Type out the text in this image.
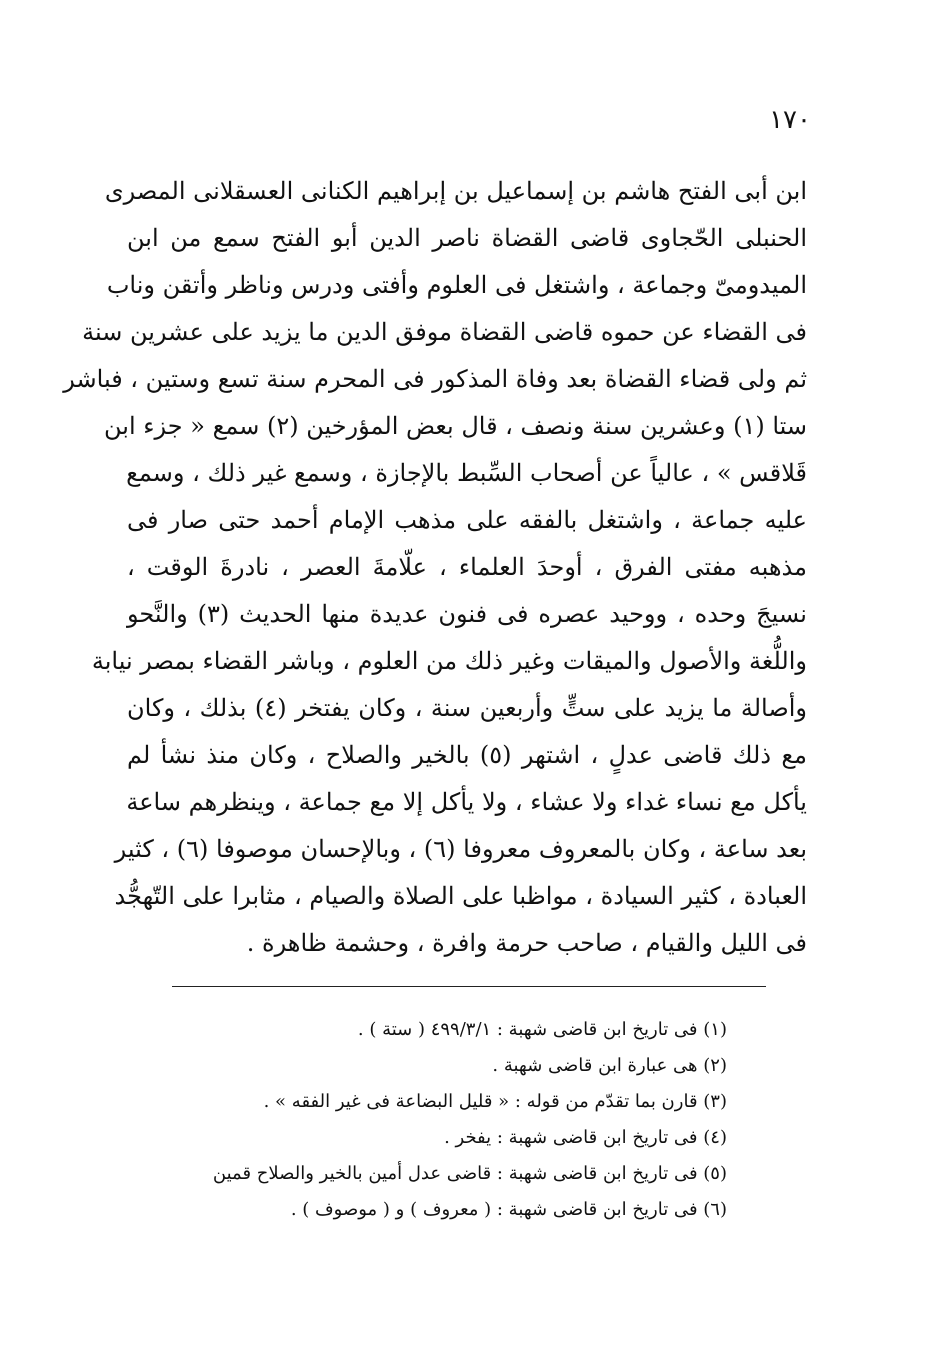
١٧٠
ابن أبى الفتح هاشم بن إسماعيل بن إبراهيم الكنانى العسقلانى المصرى
الحنبلى الحّجاوى قاضى القضاة ناصر الدين أبو الفتح سمع من ابن
الميدومىّ وجماعة ، واشتغل فى العلوم وأفتى ودرس وناظر وأتقن وناب
فى القضاء عن حموه قاضى القضاة موفق الدين ما يزيد على عشرين سنة
ثم ولى قضاء القضاة بعد وفاة المذكور فى المحرم سنة تسع وستين ، فباشر
ستا (١) وعشرين سنة ونصف ، قال بعض المؤرخين (٢) سمع « جزء ابن
قَلاقس » ، عالياً عن أصحاب السِّبط بالإجازة ، وسمع غير ذلك ، وسمع
عليه جماعة ، واشتغل بالفقه على مذهب الإمام أحمد حتى صار فى
مذهبه مفتى الفرق ، أوحدَ العلماء ، علّامةَ العصر ، نادرةَ الوقت ،
نسيجَ وحده ، ووحيد عصره فى فنون عديدة منها الحديث (٣) والنَّحو
واللُّغة والأصول والميقات وغير ذلك من العلوم ، وباشر القضاء بمصر نيابة
وأصالة ما يزيد على ستٍّ وأربعين سنة ، وكان يفتخر (٤) بذلك ، وكان
مع ذلك قاضى عدلٍ ، اشتهر (٥) بالخير والصلاح ، وكان منذ نشأ لم
يأكل مع نساء غداء ولا عشاء ، ولا يأكل إلا مع جماعة ، وينظرهم ساعة
بعد ساعة ، وكان بالمعروف معروفا (٦) ، وبالإحسان موصوفا (٦) ، كثير
العبادة ، كثير السيادة ، مواظبا على الصلاة والصيام ، مثابرا على التّهجُّد
فى الليل والقيام ، صاحب حرمة وافرة ، وحشمة ظاهرة .
(١) فى تاريخ ابن قاضى شهبة : ٤٩٩/٣/١ ( ستة ) .
(٢) هى عبارة ابن قاضى شهبة .
(٣) قارن بما تقدّم من قوله : « قليل البضاعة فى غير الفقه » .
(٤) فى تاريخ ابن قاضى شهبة : يفخر .
(٥) فى تاريخ ابن قاضى شهبة : قاضى عدل أمين بالخير والصلاح قمين
(٦) فى تاريخ ابن قاضى شهبة : ( معروف ) و ( موصوف ) .
